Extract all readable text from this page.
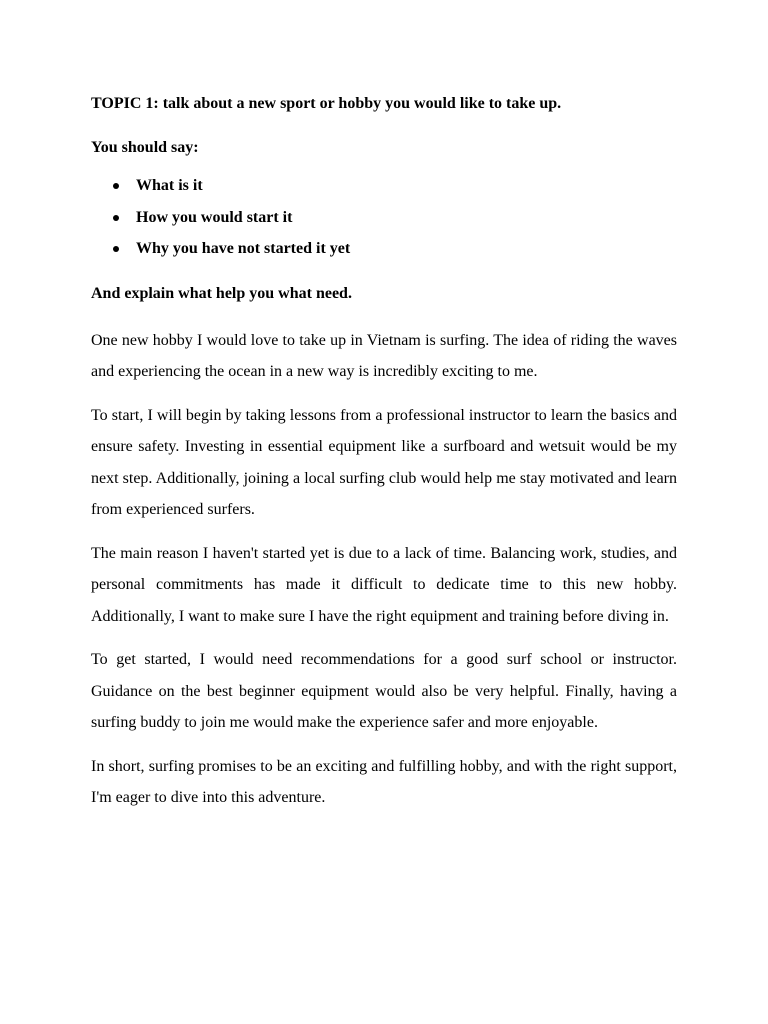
TOPIC 1: talk about a new sport or hobby you would like to take up.

You should say:

What is it
How you would start it
Why you have not started it yet

And explain what help you what need.

One new hobby I would love to take up in Vietnam is surfing. The idea of riding the waves and experiencing the ocean in a new way is incredibly exciting to me.

To start, I will begin by taking lessons from a professional instructor to learn the basics and ensure safety. Investing in essential equipment like a surfboard and wetsuit would be my next step. Additionally, joining a local surfing club would help me stay motivated and learn from experienced surfers.

The main reason I haven't started yet is due to a lack of time. Balancing work, studies, and personal commitments has made it difficult to dedicate time to this new hobby. Additionally, I want to make sure I have the right equipment and training before diving in.

To get started, I would need recommendations for a good surf school or instructor. Guidance on the best beginner equipment would also be very helpful. Finally, having a surfing buddy to join me would make the experience safer and more enjoyable.

In short, surfing promises to be an exciting and fulfilling hobby, and with the right support, I'm eager to dive into this adventure.
